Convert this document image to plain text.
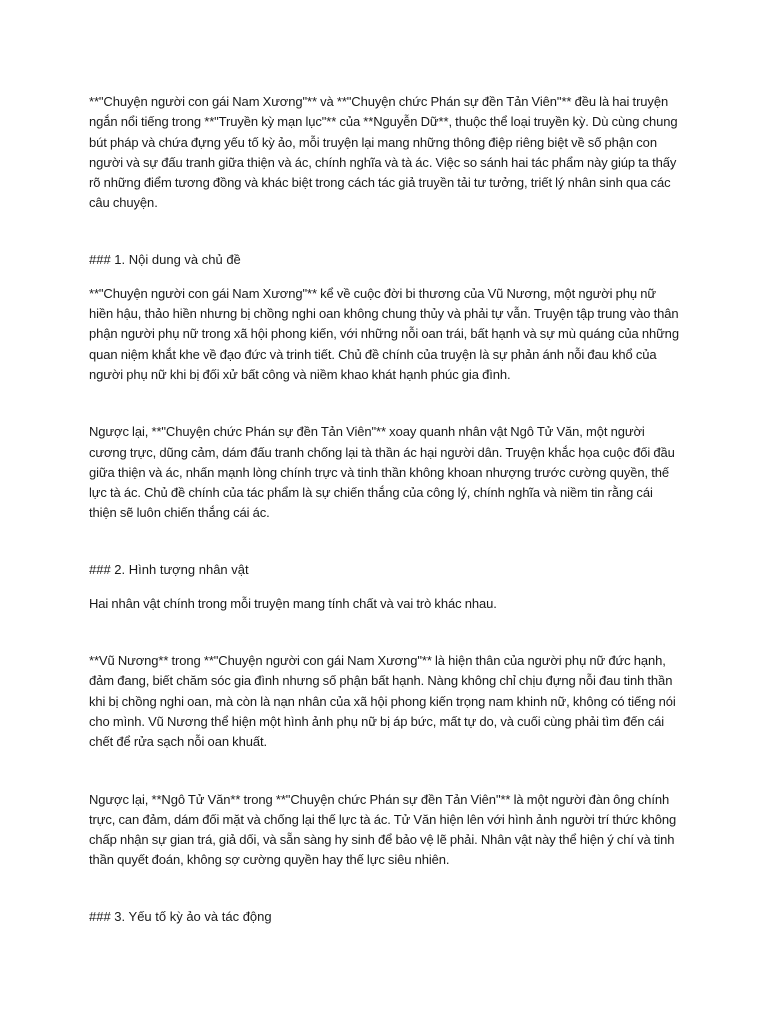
**"Chuyện người con gái Nam Xương"** và **"Chuyện chức Phán sự đền Tản Viên"** đều là hai truyện ngắn nổi tiếng trong **"Truyền kỳ mạn lục"** của **Nguyễn Dữ**, thuộc thể loại truyền kỳ. Dù cùng chung bút pháp và chứa đựng yếu tố kỳ ảo, mỗi truyện lại mang những thông điệp riêng biệt về số phận con người và sự đấu tranh giữa thiện và ác, chính nghĩa và tà ác. Việc so sánh hai tác phẩm này giúp ta thấy rõ những điểm tương đồng và khác biệt trong cách tác giả truyền tải tư tưởng, triết lý nhân sinh qua các câu chuyện.

### 1. Nội dung và chủ đề

**"Chuyện người con gái Nam Xương"** kể về cuộc đời bi thương của Vũ Nương, một người phụ nữ hiền hậu, thảo hiền nhưng bị chồng nghi oan không chung thủy và phải tự vẫn. Truyện tập trung vào thân phận người phụ nữ trong xã hội phong kiến, với những nỗi oan trái, bất hạnh và sự mù quáng của những quan niệm khắt khe về đạo đức và trinh tiết. Chủ đề chính của truyện là sự phản ánh nỗi đau khổ của người phụ nữ khi bị đối xử bất công và niềm khao khát hạnh phúc gia đình.

Ngược lại, **"Chuyện chức Phán sự đền Tản Viên"** xoay quanh nhân vật Ngô Tử Văn, một người cương trực, dũng cảm, dám đấu tranh chống lại tà thần ác hại người dân. Truyện khắc họa cuộc đối đầu giữa thiện và ác, nhấn mạnh lòng chính trực và tinh thần không khoan nhượng trước cường quyền, thế lực tà ác. Chủ đề chính của tác phẩm là sự chiến thắng của công lý, chính nghĩa và niềm tin rằng cái thiện sẽ luôn chiến thắng cái ác.

### 2. Hình tượng nhân vật

Hai nhân vật chính trong mỗi truyện mang tính chất và vai trò khác nhau.

**Vũ Nương** trong **"Chuyện người con gái Nam Xương"** là hiện thân của người phụ nữ đức hạnh, đảm đang, biết chăm sóc gia đình nhưng số phận bất hạnh. Nàng không chỉ chịu đựng nỗi đau tinh thần khi bị chồng nghi oan, mà còn là nạn nhân của xã hội phong kiến trọng nam khinh nữ, không có tiếng nói cho mình. Vũ Nương thể hiện một hình ảnh phụ nữ bị áp bức, mất tự do, và cuối cùng phải tìm đến cái chết để rửa sạch nỗi oan khuất.

Ngược lại, **Ngô Tử Văn** trong **"Chuyện chức Phán sự đền Tản Viên"** là một người đàn ông chính trực, can đảm, dám đối mặt và chống lại thế lực tà ác. Tử Văn hiện lên với hình ảnh người trí thức không chấp nhận sự gian trá, giả dối, và sẵn sàng hy sinh để bảo vệ lẽ phải. Nhân vật này thể hiện ý chí và tinh thần quyết đoán, không sợ cường quyền hay thế lực siêu nhiên.

### 3. Yếu tố kỳ ảo và tác động
